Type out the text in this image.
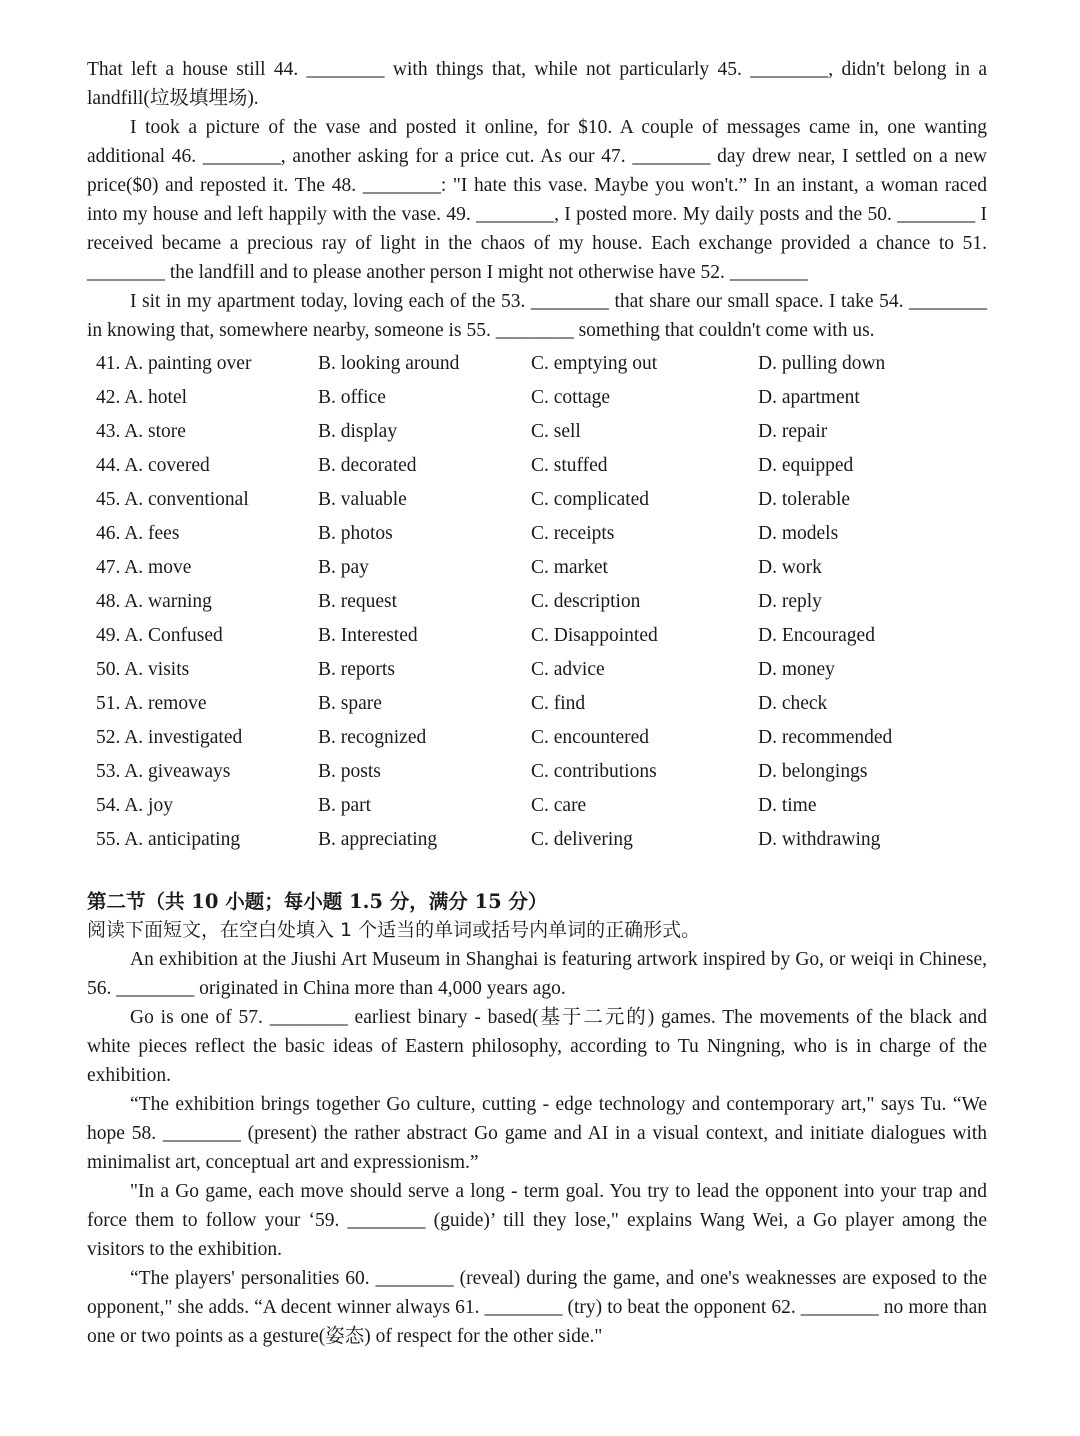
That left a house still 44. ________ with things that, while not particularly 45. ________, didn't belong in a landfill(垃圾填埋场).

I took a picture of the vase and posted it online, for $10. A couple of messages came in, one wanting additional 46. ________, another asking for a price cut. As our 47. ________ day drew near, I settled on a new price($0) and reposted it. The 48. ________: "I hate this vase. Maybe you won't.” In an instant, a woman raced into my house and left happily with the vase. 49. ________, I posted more. My daily posts and the 50. ________ I received became a precious ray of light in the chaos of my house. Each exchange provided a chance to 51. ________ the landfill and to please another person I might not otherwise have 52. ________

I sit in my apartment today, loving each of the 53. ________ that share our small space. I take 54. ________ in knowing that, somewhere nearby, someone is 55. ________ something that couldn't come with us.

41. A. painting over	B. looking around	C. emptying out	D. pulling down
42. A. hotel	B. office	C. cottage	D. apartment
43. A. store	B. display	C. sell	D. repair
44. A. covered	B. decorated	C. stuffed	D. equipped
45. A. conventional	B. valuable	C. complicated	D. tolerable
46. A. fees	B. photos	C. receipts	D. models
47. A. move	B. pay	C. market	D. work
48. A. warning	B. request	C. description	D. reply
49. A. Confused	B. Interested	C. Disappointed	D. Encouraged
50. A. visits	B. reports	C. advice	D. money
51. A. remove	B. spare	C. find	D. check
52. A. investigated	B. recognized	C. encountered	D. recommended
53. A. giveaways	B. posts	C. contributions	D. belongings
54. A. joy	B. part	C. care	D. time
55. A. anticipating	B. appreciating	C. delivering	D. withdrawing
第二节（共 10 小题；每小题 1.5 分，满分 15 分）
阅读下面短文，在空白处填入 1 个适当的单词或括号内单词的正确形式。

An exhibition at the Jiushi Art Museum in Shanghai is featuring artwork inspired by Go, or weiqi in Chinese, 56. ________ originated in China more than 4,000 years ago.

Go is one of 57. ________ earliest binary - based(基于二元的) games. The movements of the black and white pieces reflect the basic ideas of Eastern philosophy, according to Tu Ningning, who is in charge of the exhibition.

“The exhibition brings together Go culture, cutting - edge technology and contemporary art," says Tu. “We hope 58. ________ (present) the rather abstract Go game and AI in a visual context, and initiate dialogues with minimalist art, conceptual art and expressionism.”

"In a Go game, each move should serve a long - term goal. You try to lead the opponent into your trap and force them to follow your ‘59. ________ (guide)’ till they lose," explains Wang Wei, a Go player among the visitors to the exhibition.

“The players' personalities 60. ________ (reveal) during the game, and one's weaknesses are exposed to the opponent," she adds. “A decent winner always 61. ________ (try) to beat the opponent 62. ________ no more than one or two points as a gesture(姿态) of respect for the other side."
